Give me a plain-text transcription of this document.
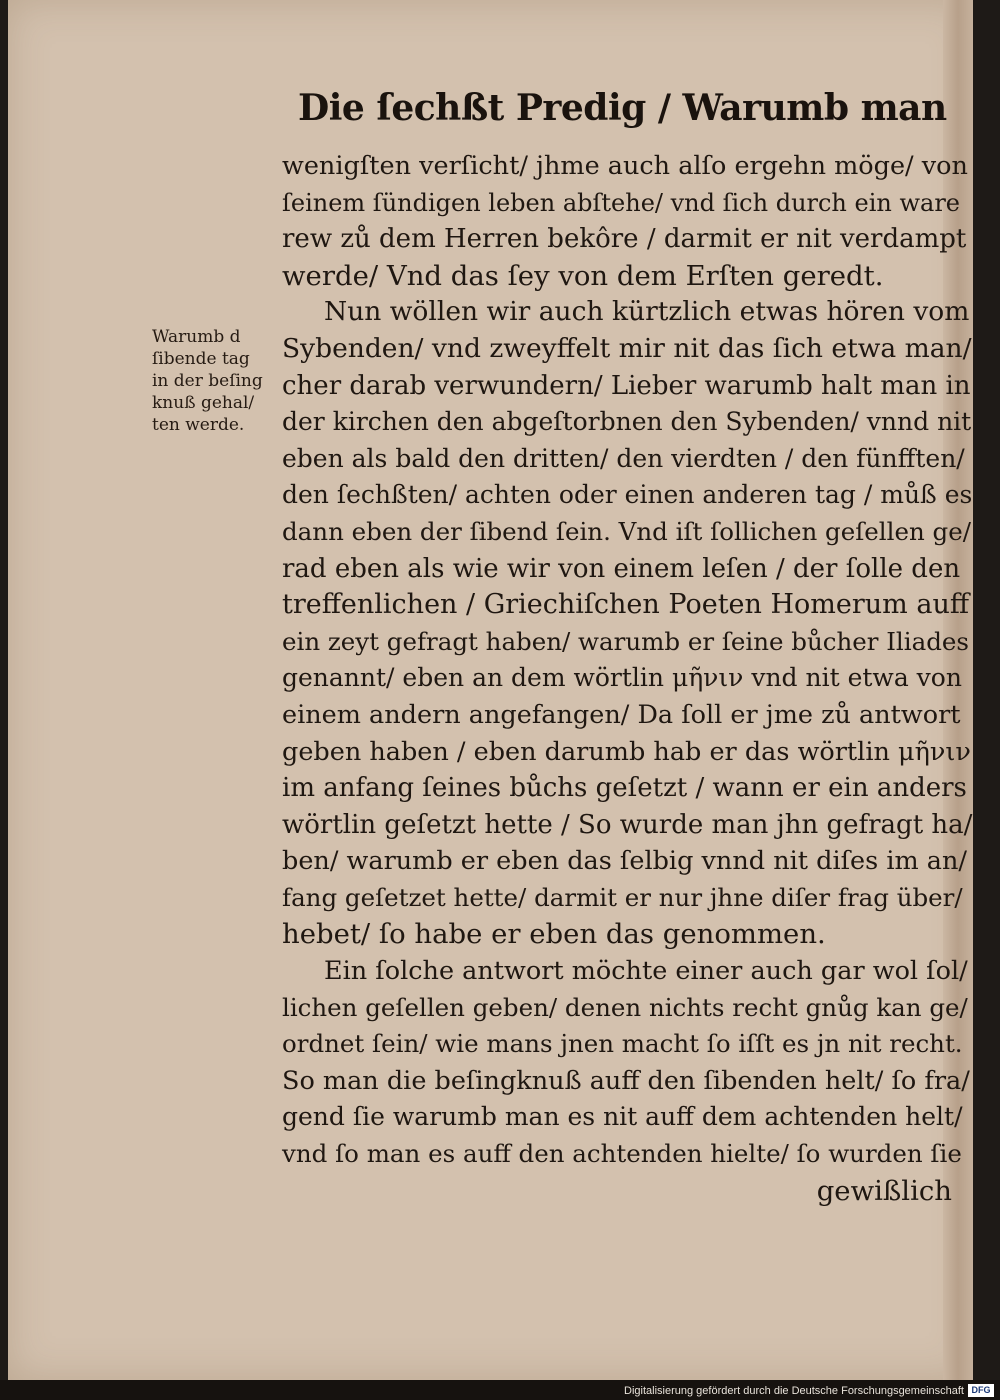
Die ſechßt Predig / Warumb man
Warumb d
ſibende tag
in der beſing
knuß gehal/
ten werde.
wenigſten verſicht/ jhme auch alſo ergehn möge/ von
ſeinem ſündigen leben abſtehe/ vnd ſich durch ein ware
rew zů dem Herren bekôre / darmit er nit verdampt
werde/ Vnd das ſey von dem Erſten geredt.
Nun wöllen wir auch kürtzlich etwas hören vom
Sybenden/ vnd zweyffelt mir nit das ſich etwa man/
cher darab verwundern/ Lieber warumb halt man in
der kirchen den abgeſtorbnen den Sybenden/ vnnd nit
eben als bald den dritten/ den vierdten / den fünfften/
den ſechßten/ achten oder einen anderen tag / můß es
dann eben der ſibend ſein. Vnd iſt ſollichen geſellen ge/
rad eben als wie wir von einem leſen / der ſolle den
treffenlichen / Griechiſchen Poeten Homerum auff
ein zeyt gefragt haben/ warumb er ſeine bůcher Iliades
genannt/ eben an dem wörtlin μῆνιν vnd nit etwa von
einem andern angefangen/ Da ſoll er jme zů antwort
geben haben / eben darumb hab er das wörtlin μῆνιν
im anfang ſeines bůchs geſetzt / wann er ein anders
wörtlin geſetzt hette / So wurde man jhn gefragt ha/
ben/ warumb er eben das ſelbig vnnd nit diſes im an/
fang geſetzet hette/ darmit er nur jhne diſer frag über/
hebet/ ſo habe er eben das genommen.
Ein ſolche antwort möchte einer auch gar wol ſol/
lichen geſellen geben/ denen nichts recht gnůg kan ge/
ordnet ſein/ wie mans jnen macht ſo iſſt es jn nit recht.
So man die beſingknuß auff den ſibenden helt/ ſo fra/
gend ſie warumb man es nit auff dem achtenden helt/
vnd ſo man es auff den achtenden hielte/ ſo wurden ſie
gewißlich
Digitalisierung gefördert durch die Deutsche Forschungsgemeinschaft DFG
